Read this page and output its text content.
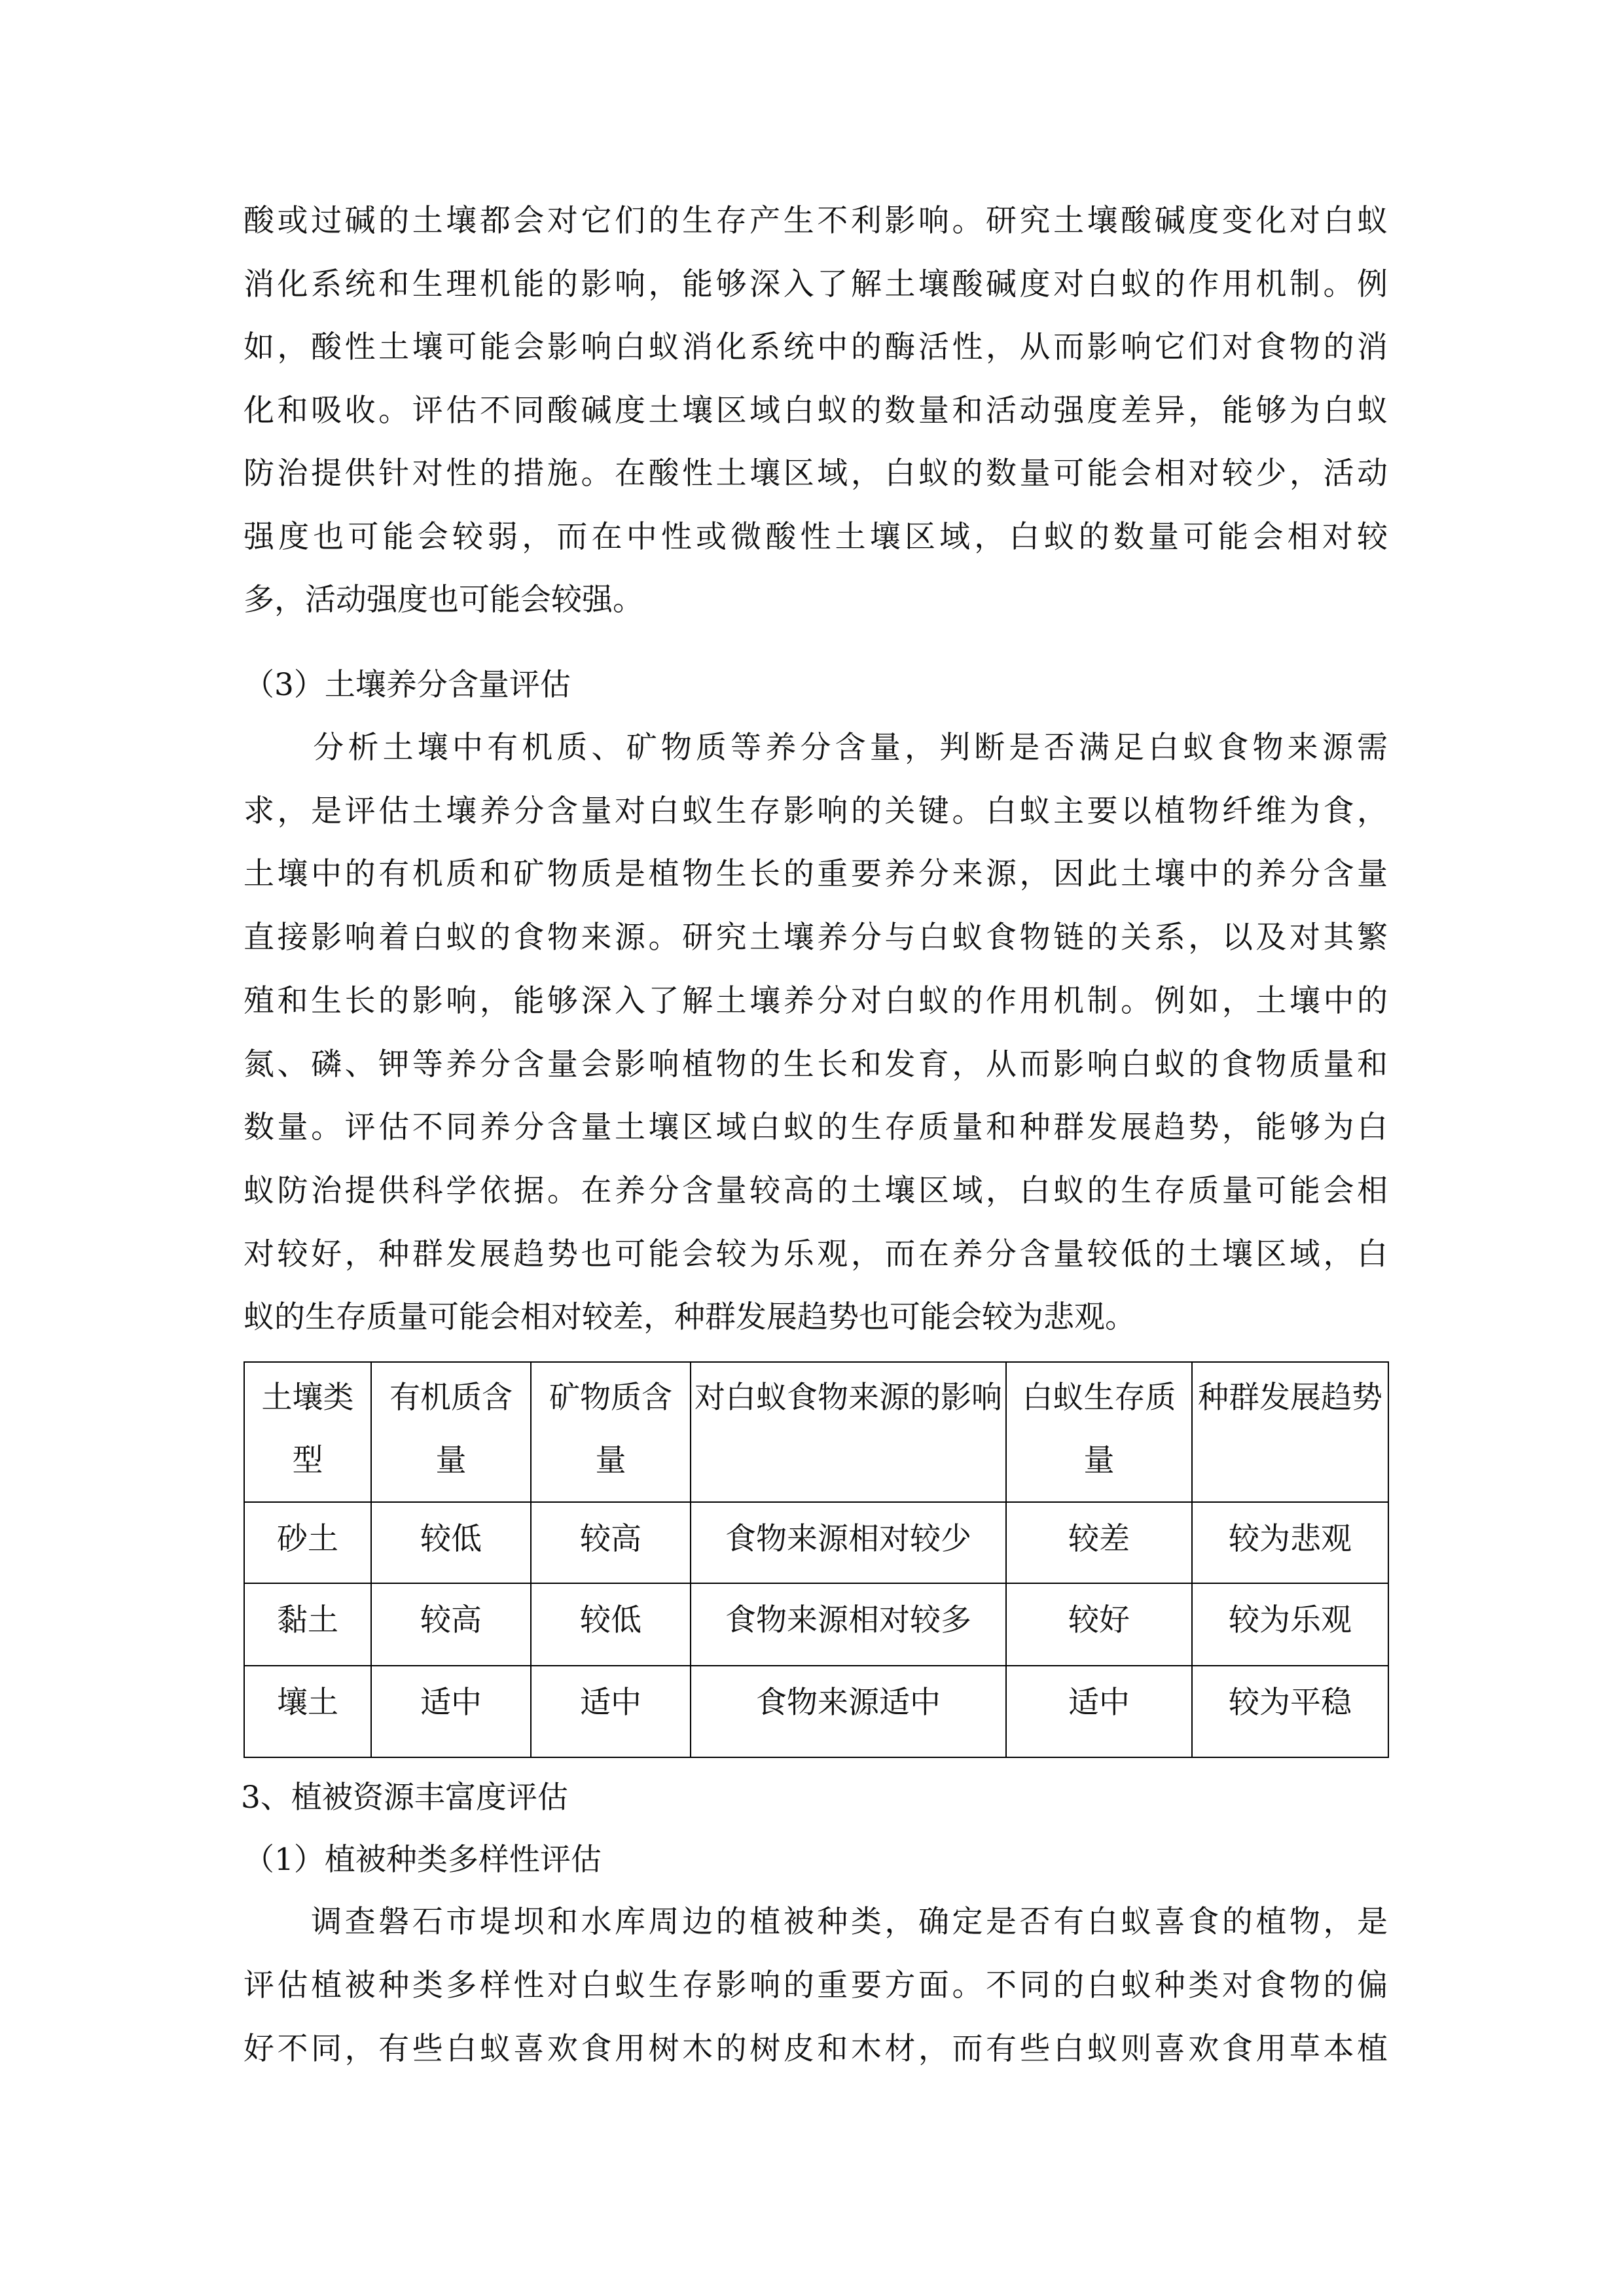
酸或过碱的土壤都会对它们的生存产生不利影响。研究土壤酸碱度变化对白蚁
消化系统和生理机能的影响，能够深入了解土壤酸碱度对白蚁的作用机制。例
如，酸性土壤可能会影响白蚁消化系统中的酶活性，从而影响它们对食物的消
化和吸收。评估不同酸碱度土壤区域白蚁的数量和活动强度差异，能够为白蚁
防治提供针对性的措施。在酸性土壤区域，白蚁的数量可能会相对较少，活动
强度也可能会较弱，而在中性或微酸性土壤区域，白蚁的数量可能会相对较
多，活动强度也可能会较强。
（3）土壤养分含量评估
　　分析土壤中有机质、矿物质等养分含量，判断是否满足白蚁食物来源需
求，是评估土壤养分含量对白蚁生存影响的关键。白蚁主要以植物纤维为食，
土壤中的有机质和矿物质是植物生长的重要养分来源，因此土壤中的养分含量
直接影响着白蚁的食物来源。研究土壤养分与白蚁食物链的关系，以及对其繁
殖和生长的影响，能够深入了解土壤养分对白蚁的作用机制。例如，土壤中的
氮、磷、钾等养分含量会影响植物的生长和发育，从而影响白蚁的食物质量和
数量。评估不同养分含量土壤区域白蚁的生存质量和种群发展趋势，能够为白
蚁防治提供科学依据。在养分含量较高的土壤区域，白蚁的生存质量可能会相
对较好，种群发展趋势也可能会较为乐观，而在养分含量较低的土壤区域，白
蚁的生存质量可能会相对较差，种群发展趋势也可能会较为悲观。
土壤类型	有机质含量	矿物质含量	对白蚁食物来源的影响	白蚁生存质量	种群发展趋势
砂土	较低	较高	食物来源相对较少	较差	较为悲观
黏土	较高	较低	食物来源相对较多	较好	较为乐观
壤土	适中	适中	食物来源适中	适中	较为平稳
3、植被资源丰富度评估
（1）植被种类多样性评估
　　调查磐石市堤坝和水库周边的植被种类，确定是否有白蚁喜食的植物，是
评估植被种类多样性对白蚁生存影响的重要方面。不同的白蚁种类对食物的偏
好不同，有些白蚁喜欢食用树木的树皮和木材，而有些白蚁则喜欢食用草本植
